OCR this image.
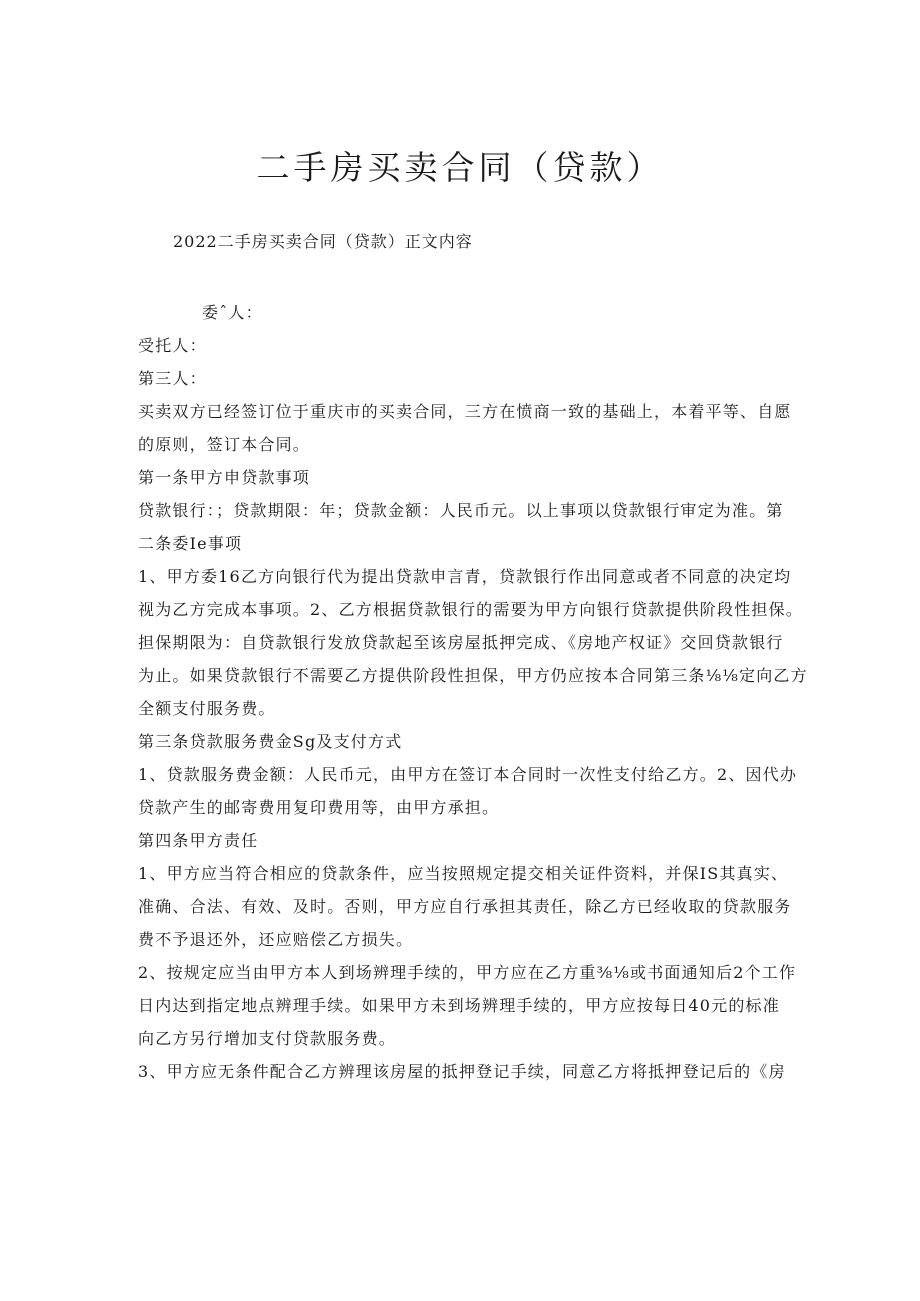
二手房买卖合同（贷款）
2022二手房买卖合同（贷款）正文内容

委ˆ人：

受托人：

第三人：

买卖双方已经签订位于重庆市的买卖合同，三方在愤商一致的基础上，本着平等、自愿

的原则，签订本合同。

第一条甲方申贷款事项

贷款银行：；贷款期限：年；贷款金额：人民币元。以上事项以贷款银行审定为准。第

二条委Ie事项

1、甲方委16乙方向银行代为提出贷款申言青，贷款银行作出同意或者不同意的决定均

视为乙方完成本事项。2、乙方根据贷款银行的需要为甲方向银行贷款提供阶段性担保。

担保期限为：自贷款银行发放贷款起至该房屋抵押完成、《房地产权证》交回贷款银行

为止。如果贷款银行不需要乙方提供阶段性担保，甲方仍应按本合同第三条⅛⅛定向乙方

全额支付服务费。

第三条贷款服务费金Sg及支付方式

1、贷款服务费金额：人民币元，由甲方在签订本合同时一次性支付给乙方。2、因代办

贷款产生的邮寄费用复印费用等，由甲方承担。

第四条甲方责任

1、甲方应当符合相应的贷款条件，应当按照规定提交相关证件资料，并保IS其真实、

准确、合法、有效、及时。否则，甲方应自行承担其责任，除乙方已经收取的贷款服务

费不予退还外，还应赔偿乙方损失。

2、按规定应当由甲方本人到场辨理手续的，甲方应在乙方重⅜⅛或书面通知后2个工作

日内达到指定地点辨理手续。如果甲方未到场辨理手续的，甲方应按每日40元的标准

向乙方另行增加支付贷款服务费。

3、甲方应无条件配合乙方辨理该房屋的抵押登记手续，同意乙方将抵押登记后的《房
